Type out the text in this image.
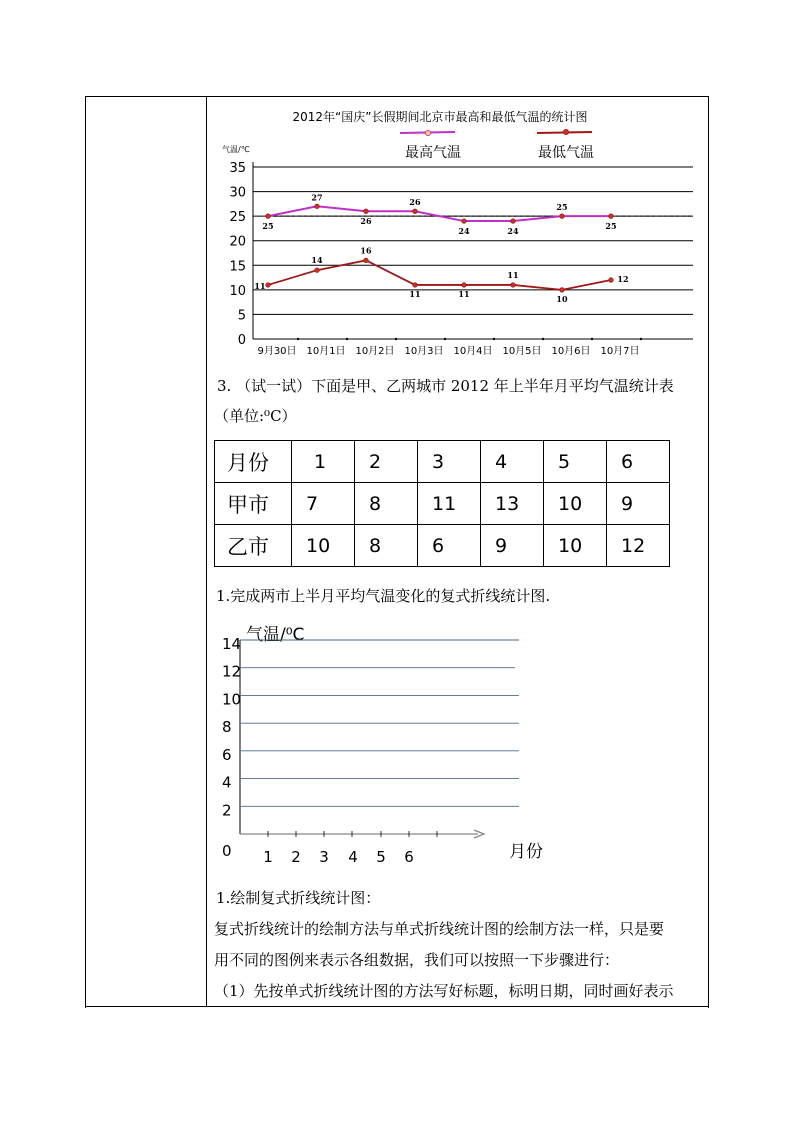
2012年“国庆”长假期间北京市最高和最低气温的统计图
气温/℃	最高气温	最低气温
35
30
25
20
15
10
5
0
9月30日 10月1日 10月2日 10月3日 10月4日 10月5日 10月6日 10月7日
25
27
26
26
24	24
25
25
11
14
16
11	11
11
10
12
3. （试一试）下面是甲、乙两城市 2012 年上半年月平均气温统计表
（单位:⁰C）
月份	1	2	3	4	5	6
甲市	7	8	11	13	10	9
乙市	10	8	6	9	10	12
1.完成两市上半月平均气温变化的复式折线统计图.
气温/⁰C
月份
14
12
10
8
6
4
2
0 1 2 3 4 5 6
1.绘制复式折线统计图：
复式折线统计的绘制方法与单式折线统计图的绘制方法一样，只是要
用不同的图例来表示各组数据，我们可以按照一下步骤进行：
（1）先按单式折线统计图的方法写好标题，标明日期，同时画好表示
